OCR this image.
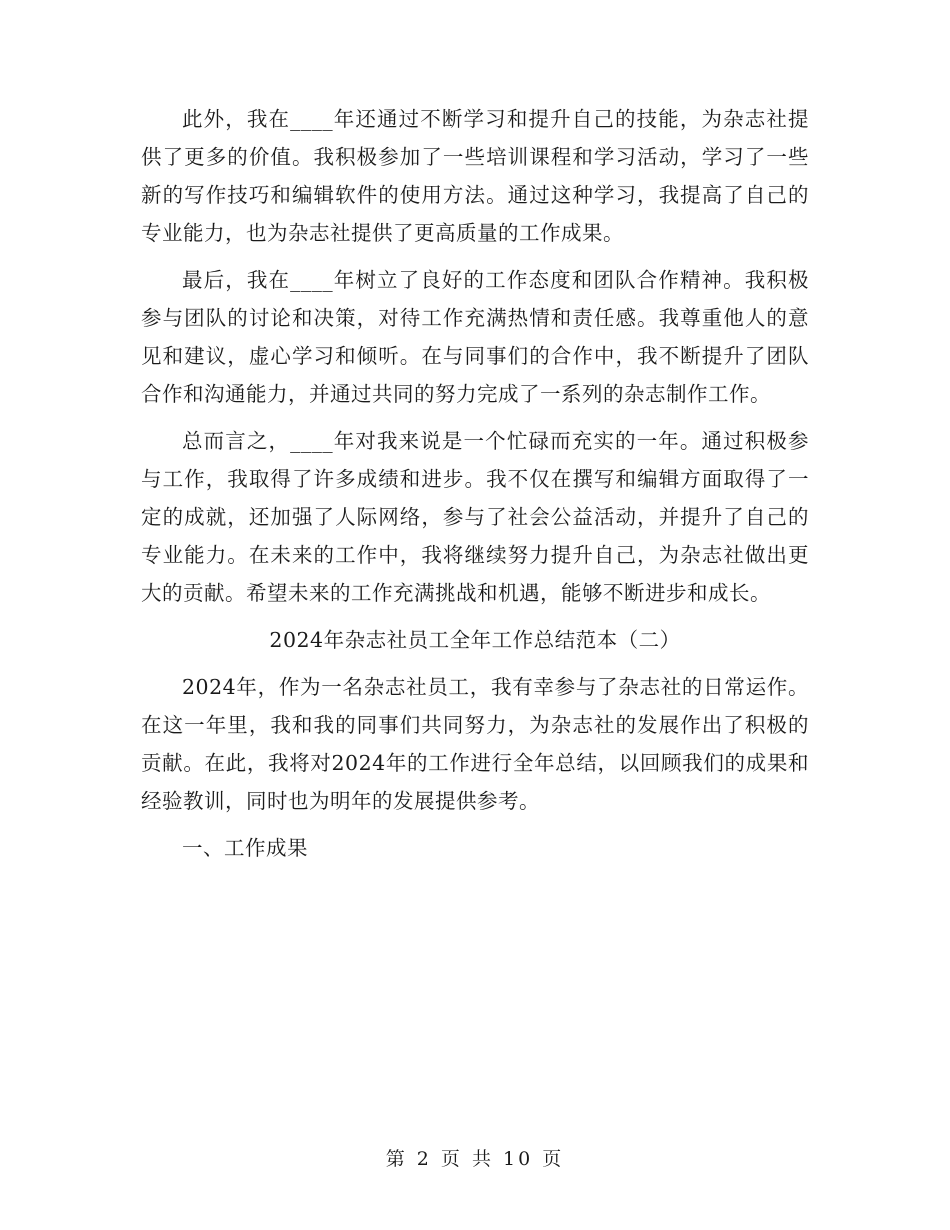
此外，我在____年还通过不断学习和提升自己的技能，为杂志社提供了更多的价值。我积极参加了一些培训课程和学习活动，学习了一些新的写作技巧和编辑软件的使用方法。通过这种学习，我提高了自己的专业能力，也为杂志社提供了更高质量的工作成果。

最后，我在____年树立了良好的工作态度和团队合作精神。我积极参与团队的讨论和决策，对待工作充满热情和责任感。我尊重他人的意见和建议，虚心学习和倾听。在与同事们的合作中，我不断提升了团队合作和沟通能力，并通过共同的努力完成了一系列的杂志制作工作。

总而言之，____年对我来说是一个忙碌而充实的一年。通过积极参与工作，我取得了许多成绩和进步。我不仅在撰写和编辑方面取得了一定的成就，还加强了人际网络，参与了社会公益活动，并提升了自己的专业能力。在未来的工作中，我将继续努力提升自己，为杂志社做出更大的贡献。希望未来的工作充满挑战和机遇，能够不断进步和成长。

2024年杂志社员工全年工作总结范本（二）

2024年，作为一名杂志社员工，我有幸参与了杂志社的日常运作。在这一年里，我和我的同事们共同努力，为杂志社的发展作出了积极的贡献。在此，我将对2024年的工作进行全年总结，以回顾我们的成果和经验教训，同时也为明年的发展提供参考。

一、工作成果

第 2 页 共 10 页
